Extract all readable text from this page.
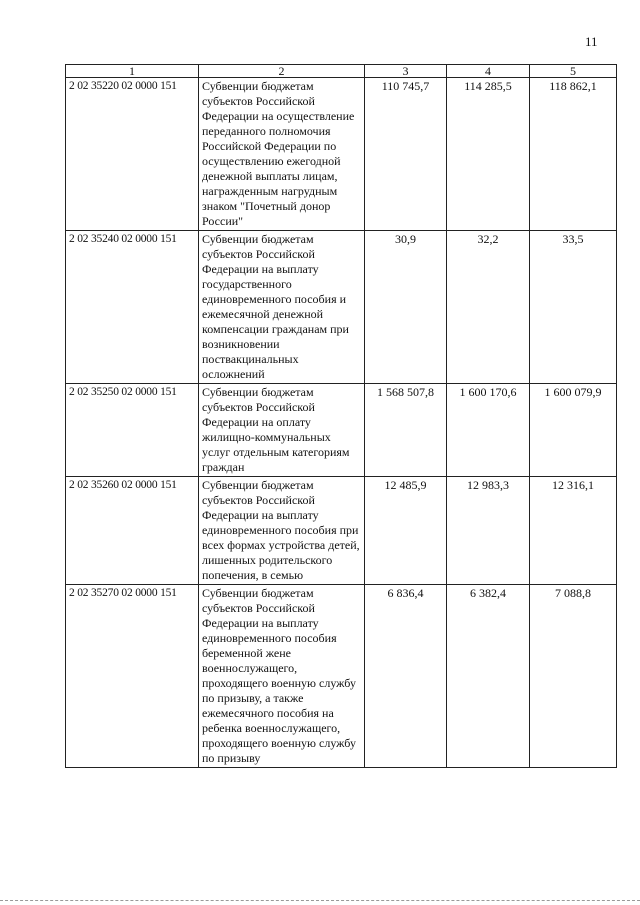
11
1	2	3	4	5
2 02 35220 02 0000 151	Субвенции бюджетам субъектов Российской Федерации на осуществление переданного полномочия Российской Федерации по осуществлению ежегодной денежной выплаты лицам, награжденным нагрудным знаком "Почетный донор России"	110 745,7	114 285,5	118 862,1
2 02 35240 02 0000 151	Субвенции бюджетам субъектов Российской Федерации на выплату государственного единовременного пособия и ежемесячной денежной компенсации гражданам при возникновении поствакцинальных осложнений	30,9	32,2	33,5
2 02 35250 02 0000 151	Субвенции бюджетам субъектов Российской Федерации на оплату жилищно-коммунальных услуг отдельным категориям граждан	1 568 507,8	1 600 170,6	1 600 079,9
2 02 35260 02 0000 151	Субвенции бюджетам субъектов Российской Федерации на выплату единовременного пособия при всех формах устройства детей, лишенных родительского попечения, в семью	12 485,9	12 983,3	12 316,1
2 02 35270 02 0000 151	Субвенции бюджетам субъектов Российской Федерации на выплату единовременного пособия беременной жене военнослужащего, проходящего военную службу по призыву, а также ежемесячного пособия на ребенка военнослужащего, проходящего военную службу по призыву	6 836,4	6 382,4	7 088,8
